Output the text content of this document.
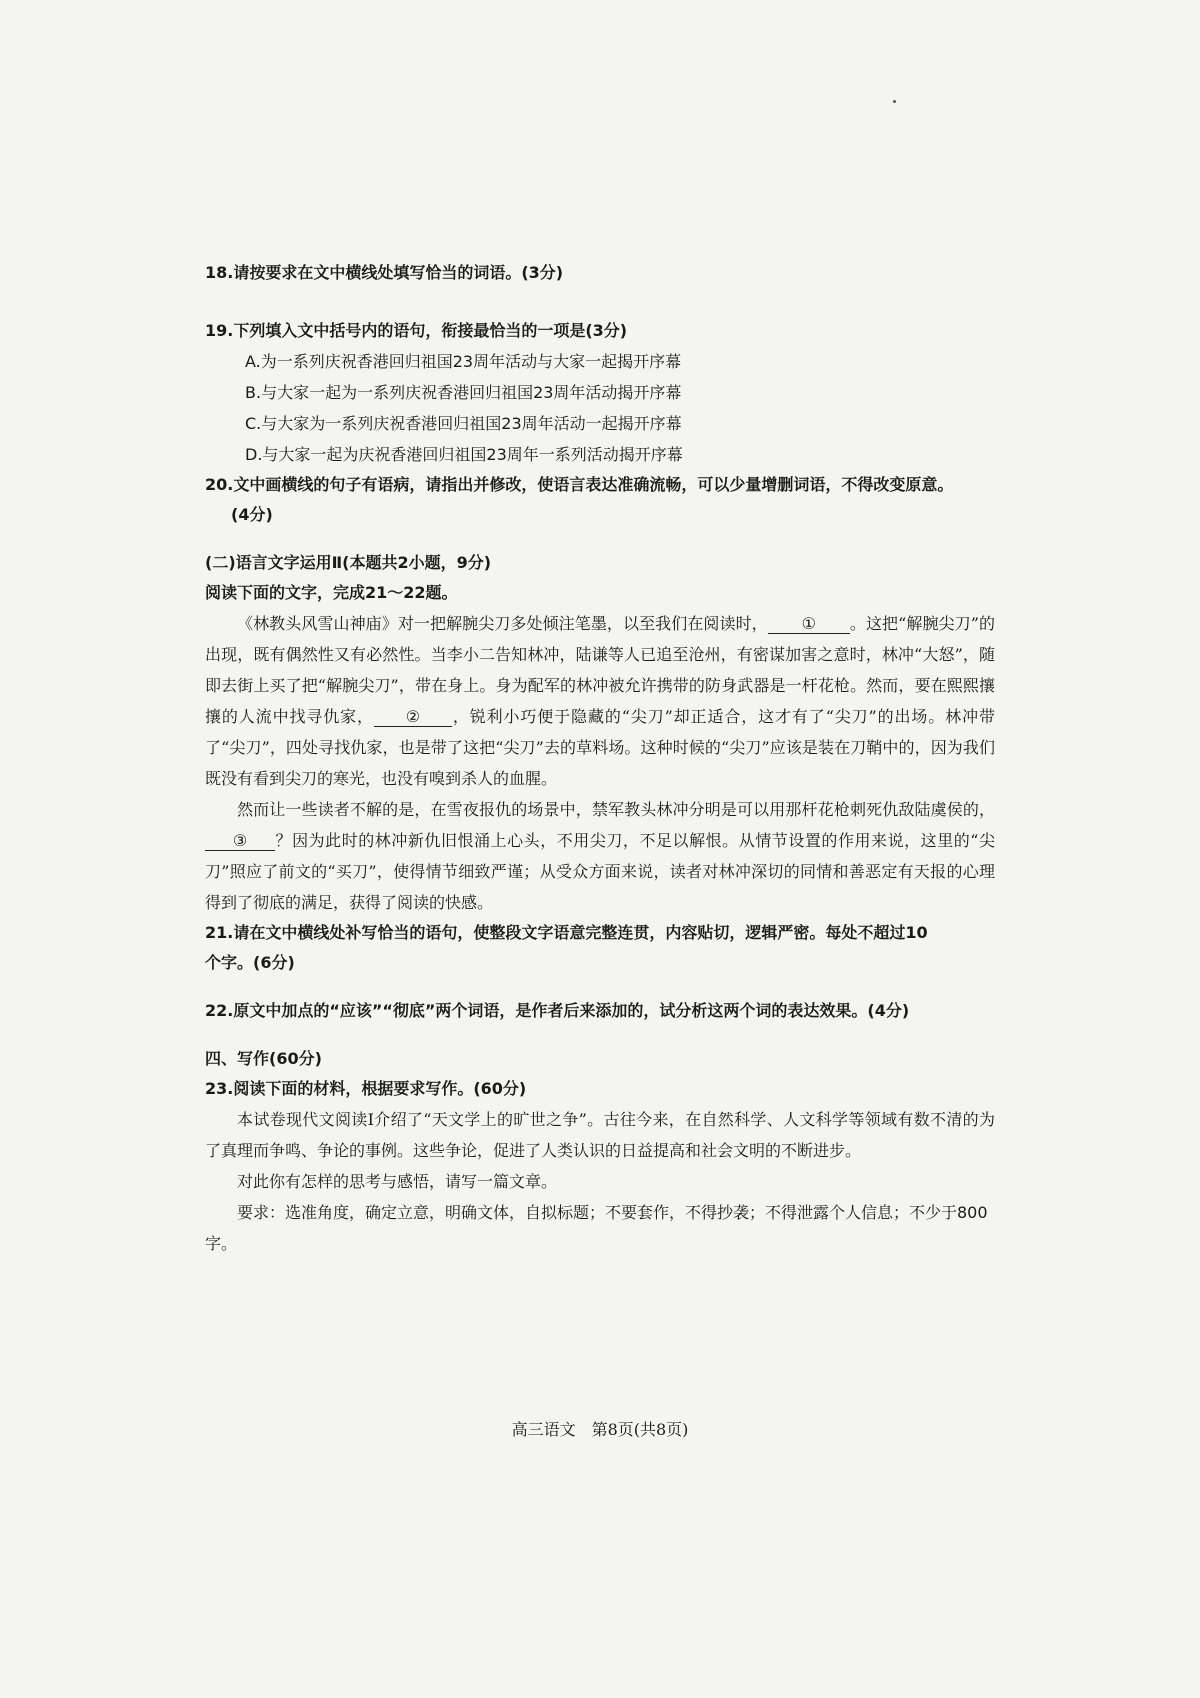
18.请按要求在文中横线处填写恰当的词语。(3分)

19.下列填入文中括号内的语句，衔接最恰当的一项是(3分)

A.为一系列庆祝香港回归祖国23周年活动与大家一起揭开序幕

B.与大家一起为一系列庆祝香港回归祖国23周年活动揭开序幕

C.与大家为一系列庆祝香港回归祖国23周年活动一起揭开序幕

D.与大家一起为庆祝香港回归祖国23周年一系列活动揭开序幕

20.文中画横线的句子有语病，请指出并修改，使语言表达准确流畅，可以少量增删词语，不得改变原意。

(4分)

(二)语言文字运用Ⅱ(本题共2小题，9分)

阅读下面的文字，完成21～22题。

《林教头风雪山神庙》对一把解腕尖刀多处倾注笔墨，以至我们在阅读时， ① 。这把“解腕尖刀”的出现，既有偶然性又有必然性。当李小二告知林冲，陆谦等人已追至沧州，有密谋加害之意时，林冲“大怒”，随即去街上买了把“解腕尖刀”，带在身上。身为配军的林冲被允许携带的防身武器是一杆花枪。然而，要在熙熙攘攘的人流中找寻仇家， ② ，锐利小巧便于隐藏的“尖刀”却正适合，这才有了“尖刀”的出场。林冲带了“尖刀”，四处寻找仇家，也是带了这把“尖刀”去的草料场。这种时候的“尖刀”应该是装在刀鞘中的，因为我们既没有看到尖刀的寒光，也没有嗅到杀人的血腥。

然而让一些读者不解的是，在雪夜报仇的场景中，禁军教头林冲分明是可以用那杆花枪刺死仇敌陆虞侯的，③ ？因为此时的林冲新仇旧恨涌上心头，不用尖刀，不足以解恨。从情节设置的作用来说，这里的“尖刀”照应了前文的“买刀”，使得情节细致严谨；从受众方面来说，读者对林冲深切的同情和善恶定有天报的心理得到了彻底的满足，获得了阅读的快感。

21.请在文中横线处补写恰当的语句，使整段文字语意完整连贯，内容贴切，逻辑严密。每处不超过10

个字。(6分)

22.原文中加点的“应该”“彻底”两个词语，是作者后来添加的，试分析这两个词的表达效果。(4分)

四、写作(60分)

23.阅读下面的材料，根据要求写作。(60分)

本试卷现代文阅读Ⅰ介绍了“天文学上的旷世之争”。古往今来，在自然科学、人文科学等领域有数不清的为了真理而争鸣、争论的事例。这些争论，促进了人类认识的日益提高和社会文明的不断进步。

对此你有怎样的思考与感悟，请写一篇文章。

要求：选准角度，确定立意，明确文体，自拟标题；不要套作，不得抄袭；不得泄露个人信息；不少于800字。

高三语文　第8页(共8页)
